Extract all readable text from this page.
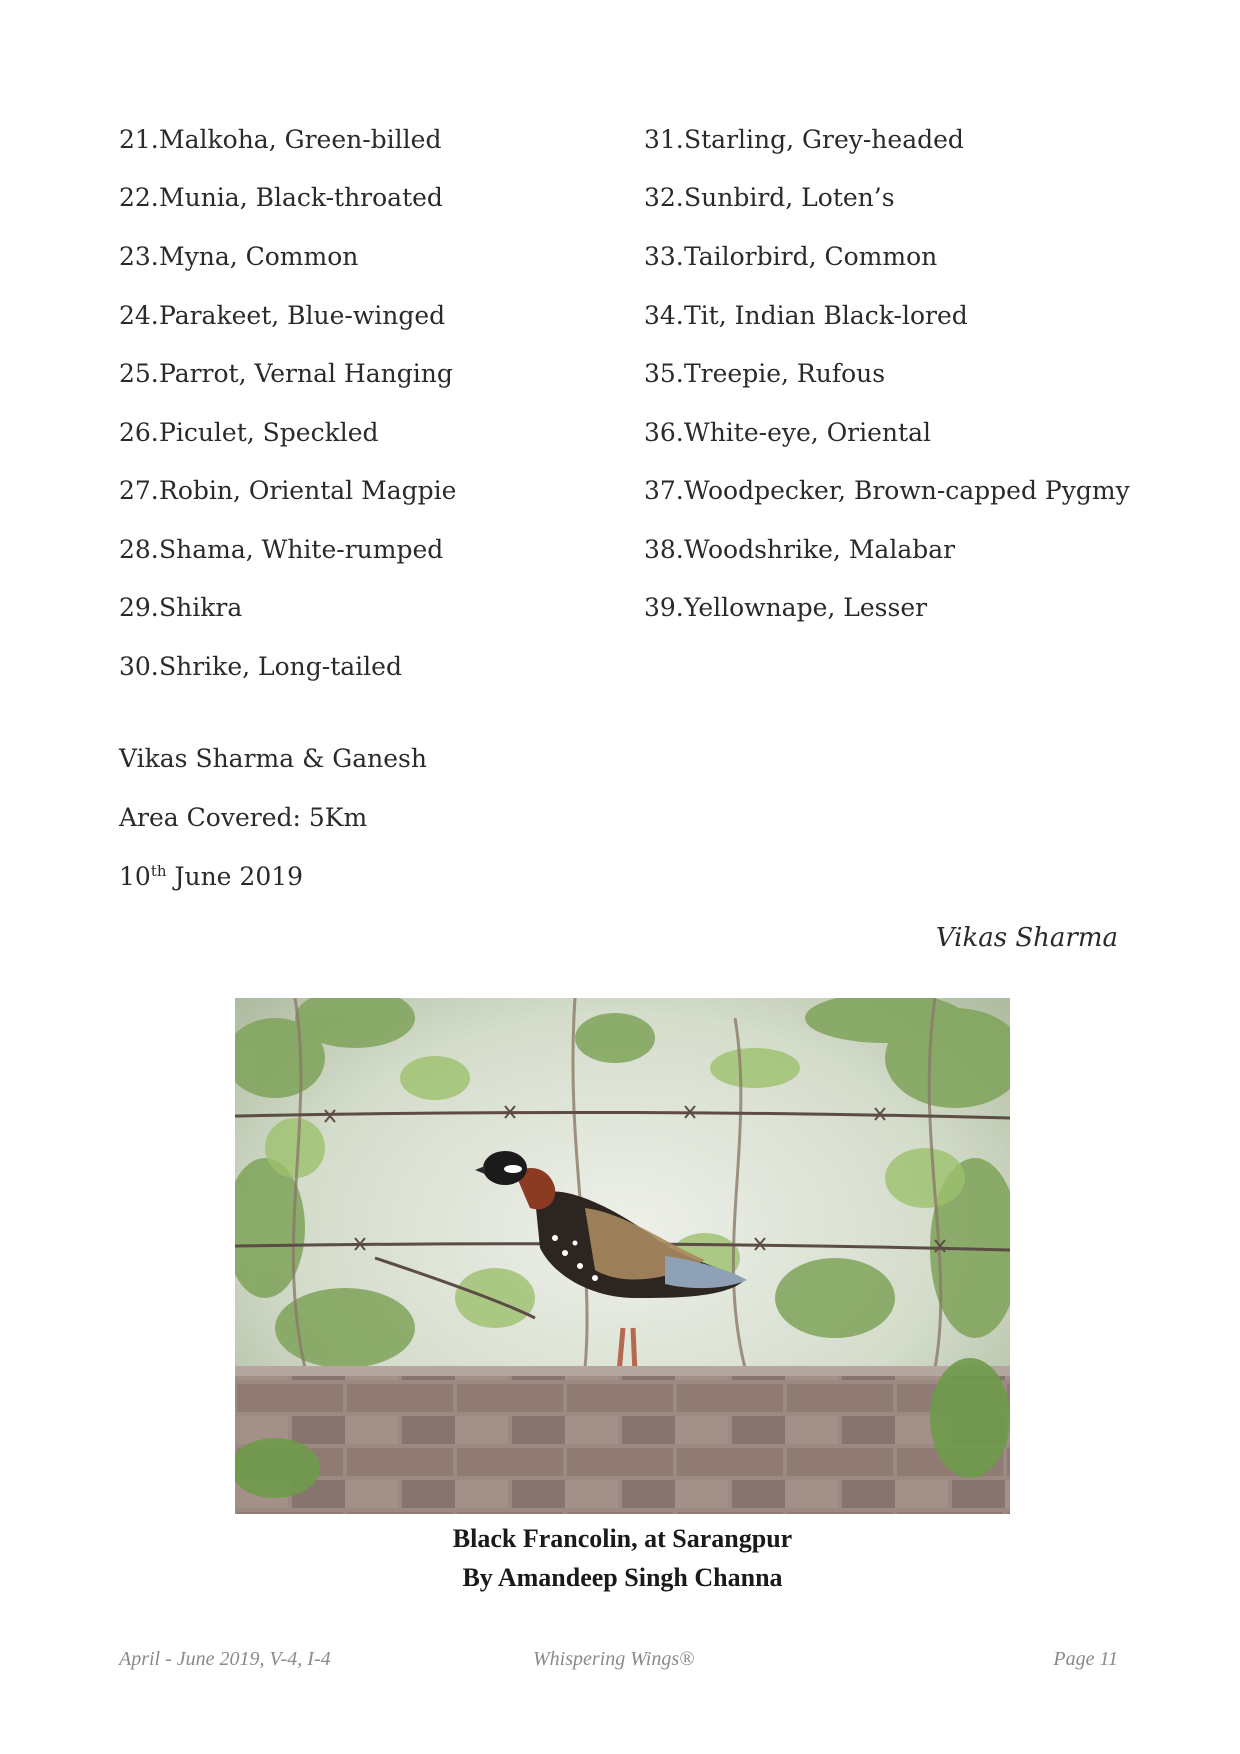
21.Malkoha, Green-billed
22.Munia, Black-throated
23.Myna, Common
24.Parakeet, Blue-winged
25.Parrot, Vernal Hanging
26.Piculet, Speckled
27.Robin, Oriental Magpie
28.Shama, White-rumped
29.Shikra
30.Shrike, Long-tailed
31.Starling, Grey-headed
32.Sunbird, Loten’s
33.Tailorbird, Common
34.Tit, Indian Black-lored
35.Treepie, Rufous
36.White-eye, Oriental
37.Woodpecker, Brown-capped Pygmy
38.Woodshrike, Malabar
39.Yellownape, Lesser
Vikas Sharma & Ganesh
Area Covered: 5Km
10th June 2019
Vikas Sharma
Black Francolin, at Sarangpur
By Amandeep Singh Channa
April - June 2019, V-4, I-4	Whispering Wings®	Page 11
